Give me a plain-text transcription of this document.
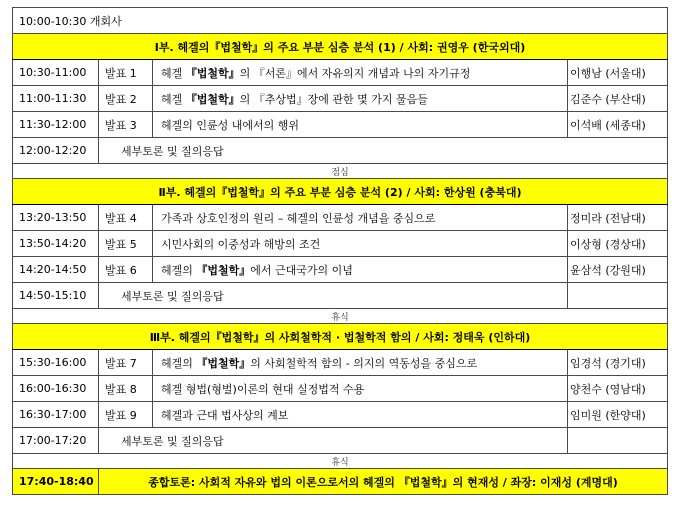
10:00-10:30 개회사			
Ⅰ부. 헤겔의『법철학』의 주요 부분 심층 분석 (1) / 사회: 권영우 (한국외대)			
10:30-11:00	발표 1	헤겔 『법철학』의 『서론』에서 자유의지 개념과 나의 자기규정	이행남 (서울대)
11:00-11:30	발표 2	헤겔 『법철학』의 『추상법』장에 관한 몇 가지 물음들	김준수 (부산대)
11:30-12:00	발표 3	헤겔의 인륜성 내에서의 행위	이석배 (세종대)
12:00-12:20	세부토론 및 질의응답		
점심			
Ⅱ부. 헤겔의『법철학』의 주요 부분 심층 분석 (2) / 사회: 한상원 (충북대)			
13:20-13:50	발표 4	가족과 상호인정의 원리 – 헤겔의 인륜성 개념을 중심으로	정미라 (전남대)
13:50-14:20	발표 5	시민사회의 이중성과 해방의 조건	이상형 (경상대)
14:20-14:50	발표 6	헤겔의 『법철학』에서 근대국가의 이념	윤삼석 (강원대)
14:50-15:10	세부토론 및 질의응답		
휴식			
Ⅲ부. 헤겔의『법철학』의 사회철학적 · 법철학적 함의 / 사회: 정태욱 (인하대)			
15:30-16:00	발표 7	헤겔의 『법철학』의 사회철학적 함의 - 의지의 역동성을 중심으로	임경석 (경기대)
16:00-16:30	발표 8	헤겔 형법(형벌)이론의 현대 실정법적 수용	양천수 (영남대)
16:30-17:00	발표 9	헤겔과 근대 법사상의 계보	임미원 (한양대)
17:00-17:20	세부토론 및 질의응답		
휴식			
17:40-18:40	종합토론: 사회적 자유와 법의 이론으로서의 헤겔의 『법철학』의 현재성 / 좌장: 이재성 (계명대)		
